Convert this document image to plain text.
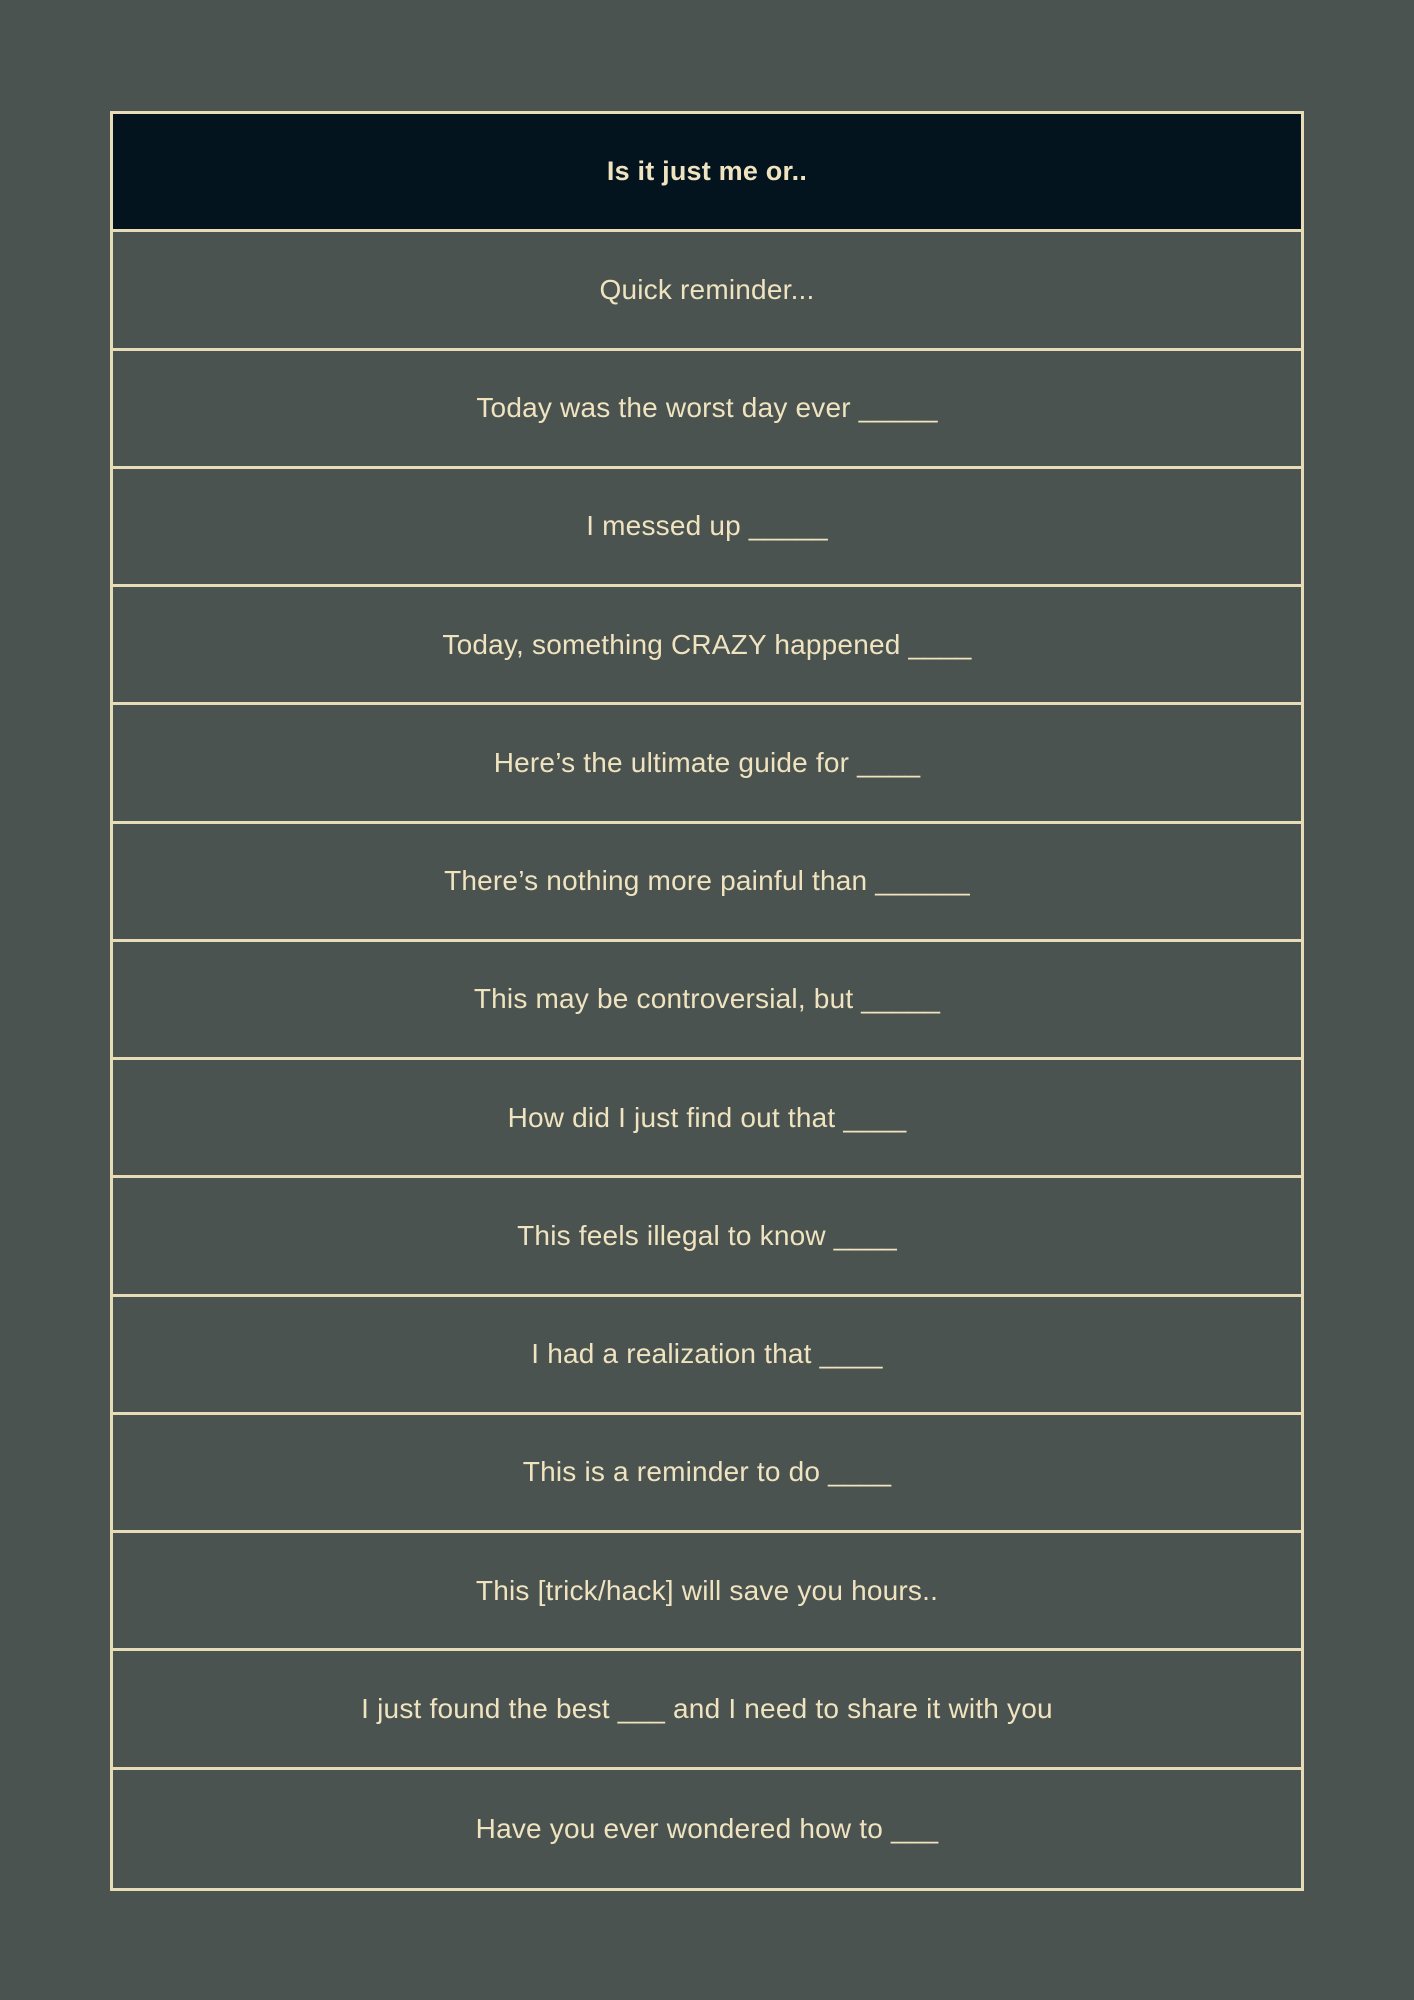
Is it just me or..
Quick reminder...
Today was the worst day ever _____
I messed up _____
Today, something CRAZY happened ____
Here’s the ultimate guide for ____
There’s nothing more painful than ______
This may be controversial, but _____
How did I just find out that ____
This feels illegal to know ____
I had a realization that ____
This is a reminder to do ____
This [trick/hack] will save you hours..
I just found the best ___ and I need to share it with you
Have you ever wondered how to ___
